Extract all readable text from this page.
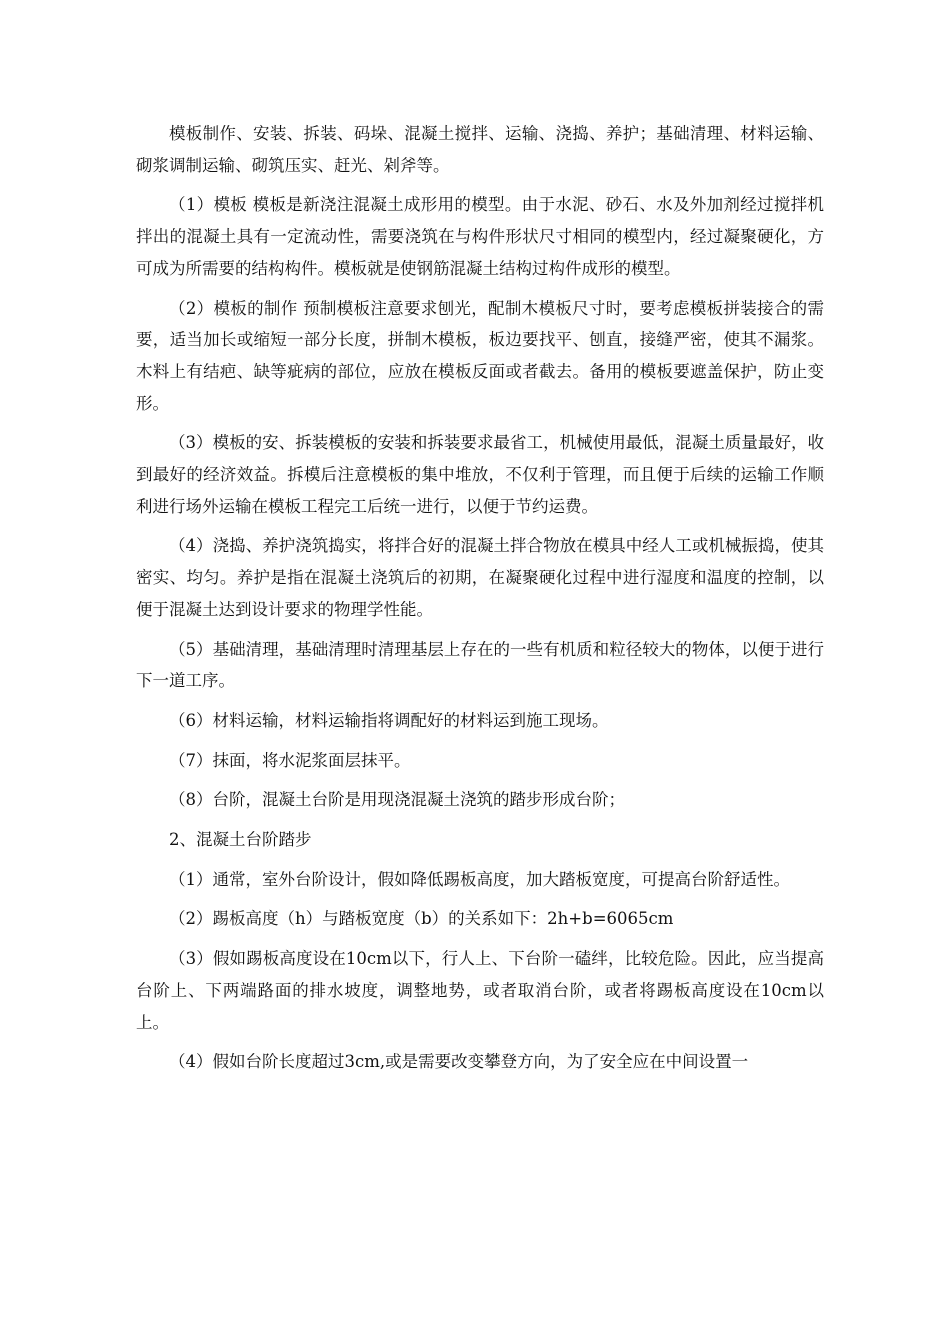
模板制作、安装、拆装、码垛、混凝土搅拌、运输、浇捣、养护；基础清理、材料运输、砌浆调制运输、砌筑压实、赶光、剁斧等。

（1）模板 模板是新浇注混凝土成形用的模型。由于水泥、砂石、水及外加剂经过搅拌机拌出的混凝土具有一定流动性，需要浇筑在与构件形状尺寸相同的模型内，经过凝聚硬化，方可成为所需要的结构构件。模板就是使钢筋混凝土结构过构件成形的模型。

（2）模板的制作 预制模板注意要求刨光，配制木模板尺寸时，要考虑模板拼装接合的需要，适当加长或缩短一部分长度，拼制木模板，板边要找平、刨直，接缝严密，使其不漏浆。木料上有结疤、缺等疵病的部位，应放在模板反面或者截去。备用的模板要遮盖保护，防止变形。

（3）模板的安、拆装模板的安装和拆装要求最省工，机械使用最低，混凝土质量最好，收到最好的经济效益。拆模后注意模板的集中堆放，不仅利于管理，而且便于后续的运输工作顺利进行场外运输在模板工程完工后统一进行，以便于节约运费。

（4）浇捣、养护浇筑捣实，将拌合好的混凝土拌合物放在模具中经人工或机械振捣，使其密实、均匀。养护是指在混凝土浇筑后的初期，在凝聚硬化过程中进行湿度和温度的控制，以便于混凝土达到设计要求的物理学性能。

（5）基础清理，基础清理时清理基层上存在的一些有机质和粒径较大的物体，以便于进行下一道工序。

（6）材料运输，材料运输指将调配好的材料运到施工现场。

（7）抹面，将水泥浆面层抹平。

（8）台阶，混凝土台阶是用现浇混凝土浇筑的踏步形成台阶；

2、混凝土台阶踏步

（1）通常，室外台阶设计，假如降低踢板高度，加大踏板宽度，可提高台阶舒适性。

（2）踢板高度（h）与踏板宽度（b）的关系如下：2h+b=6065cm

（3）假如踢板高度设在10cm以下，行人上、下台阶一磕绊，比较危险。因此，应当提高台阶上、下两端路面的排水坡度，调整地势，或者取消台阶，或者将踢板高度设在10cm以上。

（4）假如台阶长度超过3cm,或是需要改变攀登方向，为了安全应在中间设置一
